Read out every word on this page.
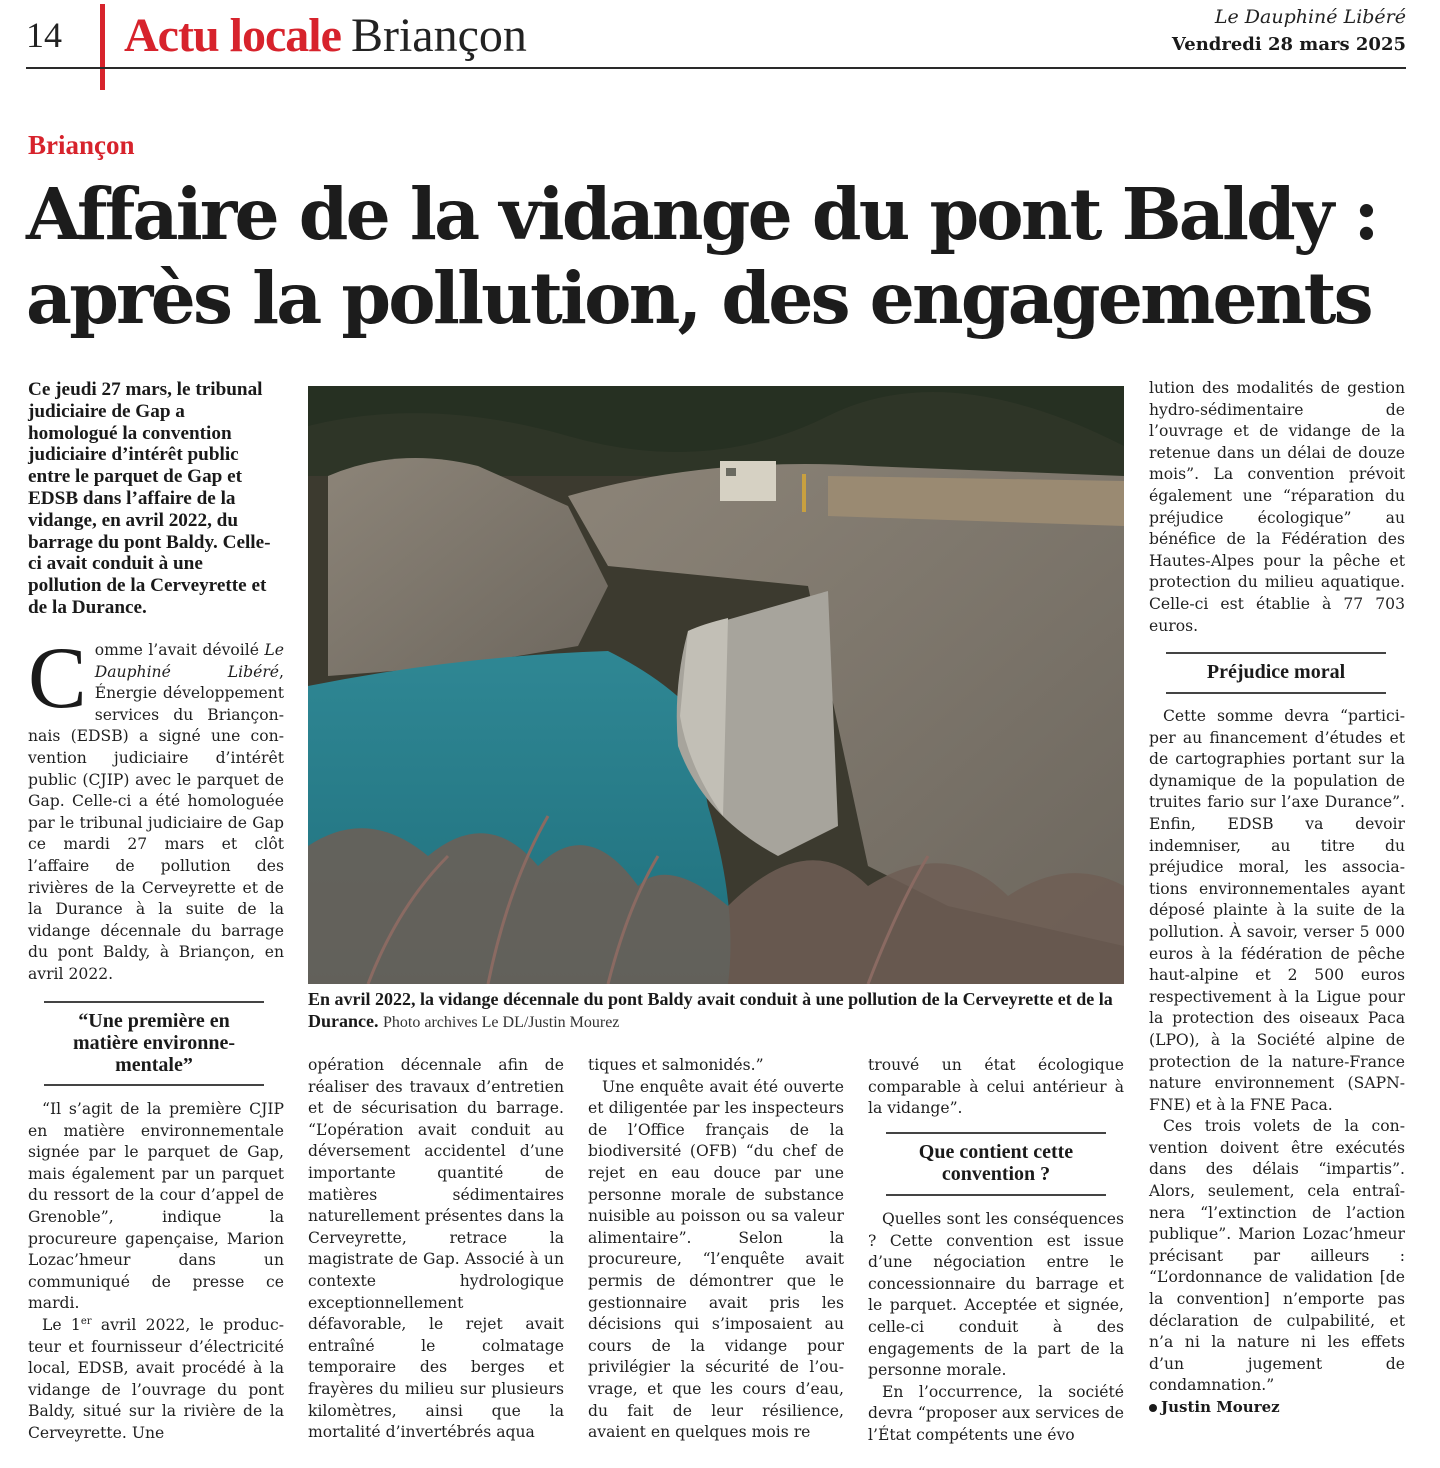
14 Actu locale Briançon	Le Dauphiné Libéré
Vendredi 28 mars 2025
Briançon
Affaire de la vidange du pont Baldy :
après la pollution, des engagements
Ce jeudi 27 mars, le tribunal judiciaire de Gap a homologué la convention judiciaire d’intérêt public entre le parquet de Gap et EDSB dans l’affaire de la vidange, en avril 2022, du barrage du pont Baldy. Celle-ci avait conduit à une pollution de la Cerveyrette et de la Durance.

Comme l’avait dévoilé Le Dauphiné Libéré, Énergie développement services du Briançonnais (EDSB) a signé une convention judiciaire d’intérêt public (CJIP) avec le parquet de Gap. Celle-ci a été homologuée par le tribunal judiciaire de Gap ce mardi 27 mars et clôt l’affaire de pollution des rivières de la Cerveyrette et de la Durance à la suite de la vidange décennale du barrage du pont Baldy, à Briançon, en avril 2022.

“Une première en matière environnementale”

“Il s’agit de la première CJIP en matière environnementale signée par le parquet de Gap, mais également par un parquet du ressort de la cour d’appel de Grenoble”, indique la procureure gapençaise, Marion Lozac’hmeur dans un communiqué de presse ce mardi.

Le 1er avril 2022, le producteur et fournisseur d’électricité local, EDSB, avait procédé à la vidange de l’ouvrage du pont Baldy, situé sur la rivière de la Cerveyrette. Une

En avril 2022, la vidange décennale du pont Baldy avait conduit à une pollution de la Cerveyrette et de la Durance. Photo archives Le DL/Justin Mourez

opération décennale afin de réaliser des travaux d’entretien et de sécurisation du barrage. “L’opération avait conduit au déversement accidentel d’une importante quantité de matières sédimentaires naturellement présentes dans la Cerveyrette, retrace la magistrate de Gap. Associé à un contexte hydrologique exceptionnellement défavorable, le rejet avait entraîné le colmatage temporaire des berges et frayères du milieu sur plusieurs kilomètres, ainsi que la mortalité d’invertébrés aqua

tiques et salmonidés.”

Une enquête avait été ouverte et diligentée par les inspecteurs de l’Office français de la biodiversité (OFB) “du chef de rejet en eau douce par une personne morale de substance nuisible au poisson ou sa valeur alimentaire”. Selon la procureure, “l’enquête avait permis de démontrer que le gestionnaire avait pris les décisions qui s’imposaient au cours de la vidange pour privilégier la sécurité de l’ouvrage, et que les cours d’eau, du fait de leur résilience, avaient en quelques mois re

trouvé un état écologique comparable à celui antérieur à la vidange”.

Que contient cette convention ?

Quelles sont les conséquences ? Cette convention est issue d’une négociation entre le concessionnaire du barrage et le parquet. Acceptée et signée, celle-ci conduit à des engagements de la part de la personne morale.

En l’occurrence, la société devra “proposer aux services de l’État compétents une évo

lution des modalités de gestion hydro-sédimentaire de l’ouvrage et de vidange de la retenue dans un délai de douze mois”. La convention prévoit également une “réparation du préjudice écologique” au bénéfice de la Fédération des Hautes-Alpes pour la pêche et protection du milieu aquatique. Celle-ci est établie à 77 703 euros.

Préjudice moral

Cette somme devra “participer au financement d’études et de cartographies portant sur la dynamique de la population de truites fario sur l’axe Durance”. Enfin, EDSB va devoir indemniser, au titre du préjudice moral, les associations environnementales ayant déposé plainte à la suite de la pollution. À savoir, verser 5 000 euros à la fédération de pêche haut-alpine et 2 500 euros respectivement à la Ligue pour la protection des oiseaux Paca (LPO), à la Société alpine de protection de la nature-France nature environnement (SAPN-FNE) et à la FNE Paca.

Ces trois volets de la convention doivent être exécutés dans des délais “impartis”. Alors, seulement, cela entraînera “l’extinction de l’action publique”. Marion Lozac’hmeur précisant par ailleurs : “L’ordonnance de validation [de la convention] n’emporte pas déclaration de culpabilité, et n’a ni la nature ni les effets d’un jugement de condamnation.”

Justin Mourez
